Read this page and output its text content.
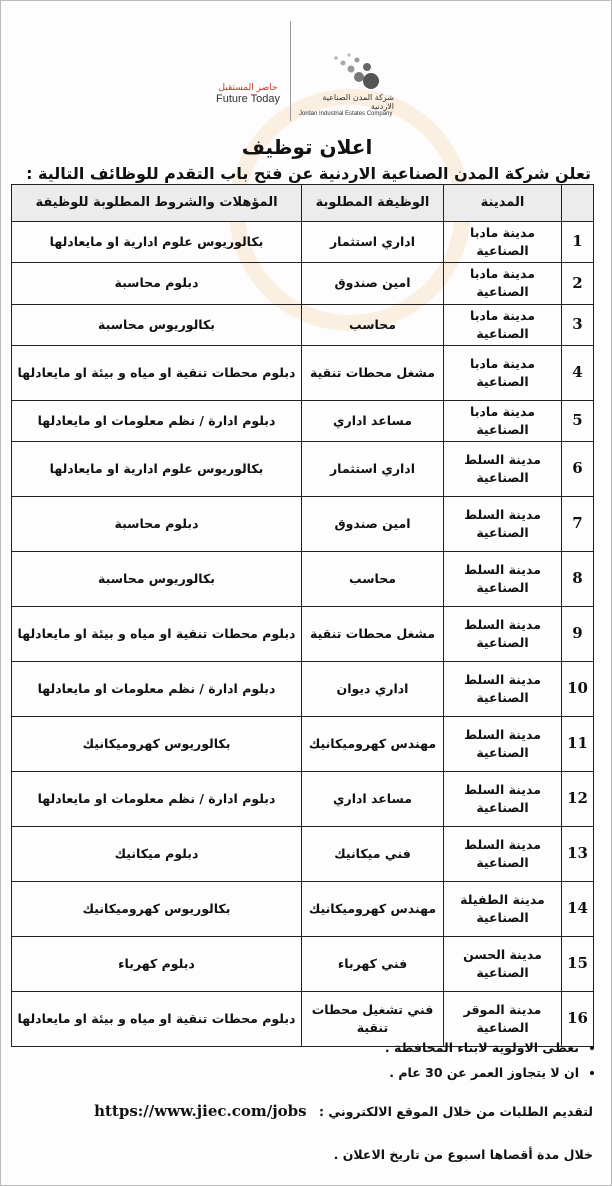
حاضر المستقبل
Future Today	شركة المدن الصناعية الاردنية
Jordan Industrial Estates Company
اعلان توظيف
تعلن شركة المدن الصناعية الاردنية عن فتح باب التقدم للوظائف التالية :
	المدينة	الوظيفة المطلوبة	المؤهلات والشروط المطلوبة للوظيفة
1	مدينة مادبا الصناعية	اداري استثمار	بكالوريوس علوم ادارية او مايعادلها
2	مدينة مادبا الصناعية	امين صندوق	دبلوم محاسبة
3	مدينة مادبا الصناعية	محاسب	بكالوريوس محاسبة
4	مدينة مادبا الصناعية	مشغل محطات تنقية	دبلوم محطات تنقية او مياه و بيئة او مايعادلها
5	مدينة مادبا الصناعية	مساعد اداري	دبلوم ادارة / نظم معلومات او مايعادلها
6	مدينة السلط الصناعية	اداري استثمار	بكالوريوس علوم ادارية او مايعادلها
7	مدينة السلط الصناعية	امين صندوق	دبلوم محاسبة
8	مدينة السلط الصناعية	محاسب	بكالوريوس محاسبة
9	مدينة السلط الصناعية	مشغل محطات تنقية	دبلوم محطات تنقية او مياه و بيئة او مايعادلها
10	مدينة السلط الصناعية	اداري ديوان	دبلوم ادارة / نظم معلومات او مايعادلها
11	مدينة السلط الصناعية	مهندس كهروميكانيك	بكالوريوس كهروميكانيك
12	مدينة السلط الصناعية	مساعد اداري	دبلوم ادارة / نظم معلومات او مايعادلها
13	مدينة السلط الصناعية	فني ميكانيك	دبلوم ميكانيك
14	مدينة الطفيلة الصناعية	مهندس كهروميكانيك	بكالوريوس كهروميكانيك
15	مدينة الحسن الصناعية	فني كهرباء	دبلوم كهرباء
16	مدينة الموقر الصناعية	فني تشغيل محطات تنقية	دبلوم محطات تنقية او مياه و بيئة او مايعادلها
• تعطى الاولوية لابناء المحافظة .
• ان لا يتجاوز العمر عن 30 عام .
لتقديم الطلبات من خلال الموقع الالكتروني : https://www.jiec.com/jobs
خلال مدة أقصاها اسبوع من تاريخ الاعلان .
